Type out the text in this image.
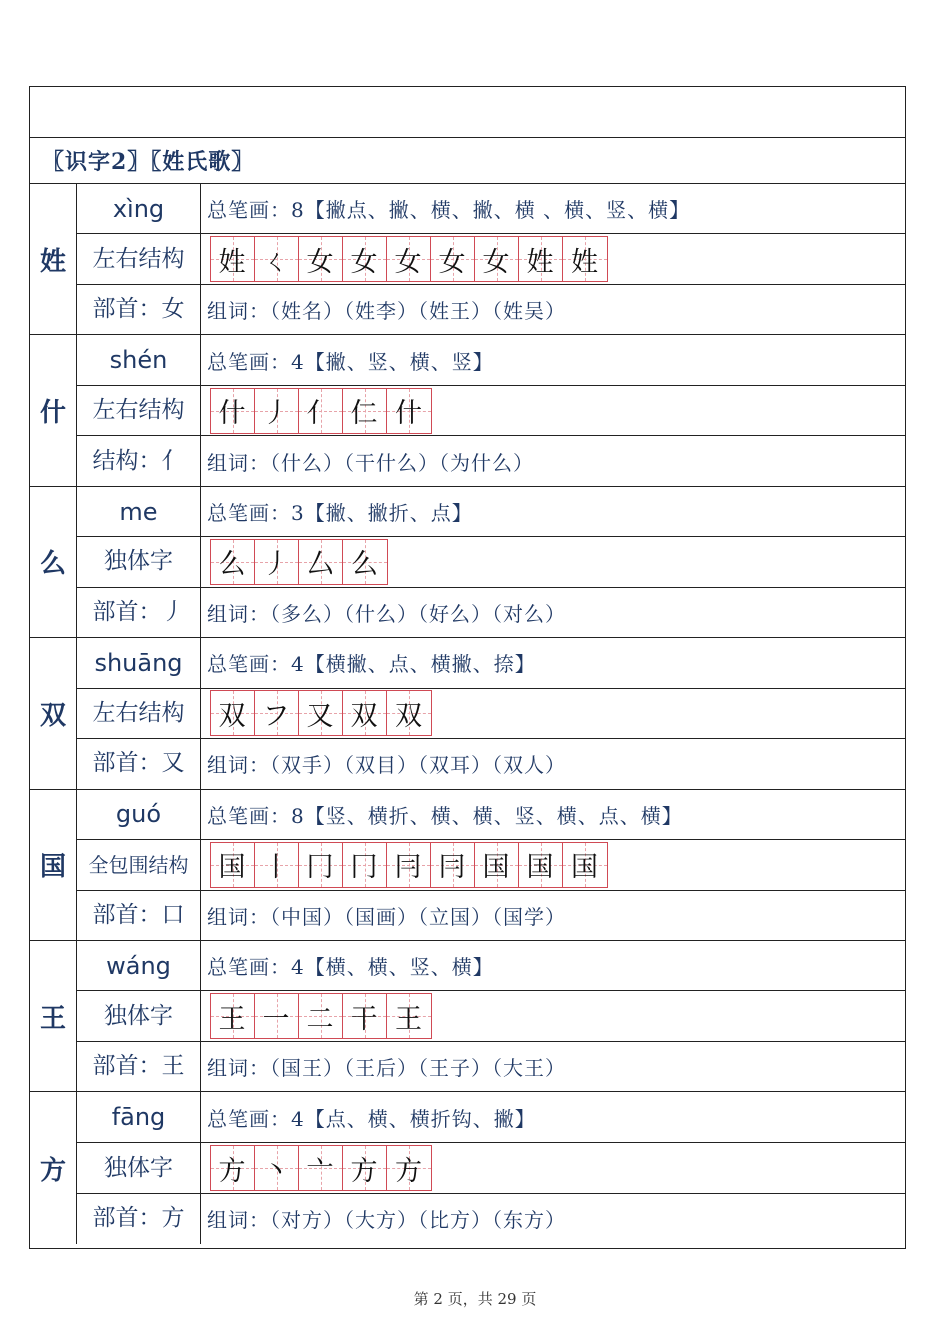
〖识字2〗〖姓氏歌〗
姓
xìng	总笔画：8【撇点、撇、横、撇、横 、横、竖、横】
左右结构	姓 ㄑ 女 女 女 女 女 姓 姓
部首：女	组词：（姓名）（姓李）（姓王）（姓吴）
什
shén	总笔画：4【撇、竖、横、竖】
左右结构	什 丿 亻 仁 什
结构：亻	组词：（什么）（干什么）（为什么）
么
me	总笔画：3【撇、撇折、点】
独体字	么 丿 厶 么
部首：丿	组词：（多么）（什么）（好么）（对么）
双
shuāng	总笔画：4【横撇、点、横撇、捺】
左右结构	双 フ 又 双 双
部首：又	组词：（双手）（双目）（双耳）（双人）
国
guó	总笔画：8【竖、横折、横、横、竖、横、点、横】
全包围结构	国 丨 冂 冂 冃 冃 国 国 国
部首：口	组词：（中国）（国画）（立国）（国学）
王
wáng	总笔画：4【横、横、竖、横】
独体字	王 一 二 干 王
部首：王	组词：（国王）（王后）（王子）（大王）
方
fāng	总笔画：4【点、横、横折钩、撇】
独体字	方 丶 亠 方 方
部首：方	组词：（对方）（大方）（比方）（东方）
第 2 页，共 29 页
